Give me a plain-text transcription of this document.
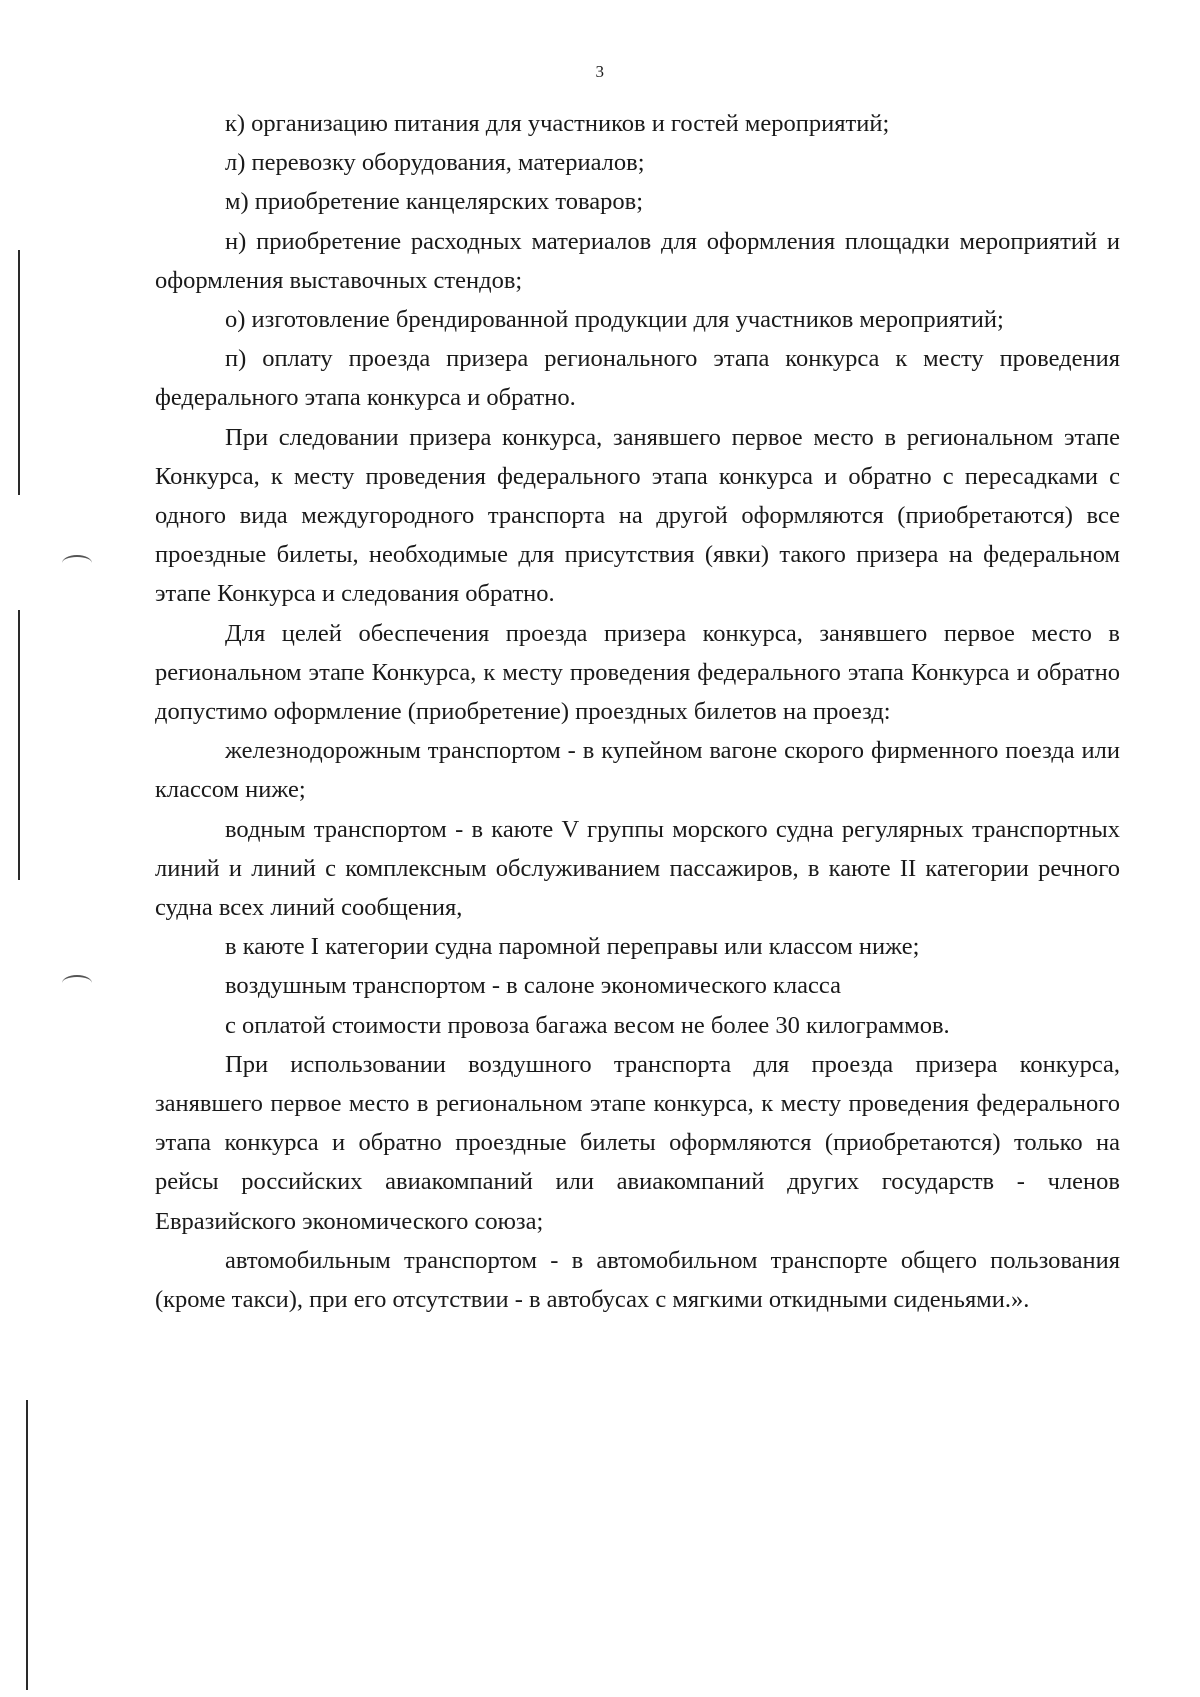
3

к) организацию питания для участников и гостей мероприятий;

л) перевозку оборудования, материалов;

м) приобретение канцелярских товаров;

н) приобретение расходных материалов для оформления площадки мероприятий и оформления выставочных стендов;

о) изготовление брендированной продукции для участников мероприятий;

п) оплату проезда призера регионального этапа конкурса к месту проведения федерального этапа конкурса и обратно.

При следовании призера конкурса, занявшего первое место в региональном этапе Конкурса, к месту проведения федерального этапа конкурса и обратно с пересадками с одного вида междугородного транспорта на другой оформляются (приобретаются) все проездные билеты, необходимые для присутствия (явки) такого призера на федеральном этапе Конкурса и следования обратно.

Для целей обеспечения проезда призера конкурса, занявшего первое место в региональном этапе Конкурса, к месту проведения федерального этапа Конкурса и обратно допустимо оформление (приобретение) проездных билетов на проезд:

железнодорожным транспортом - в купейном вагоне скорого фирменного поезда или классом ниже;

водным транспортом - в каюте V группы морского судна регулярных транспортных линий и линий с комплексным обслуживанием пассажиров, в каюте II категории речного судна всех линий сообщения,

в каюте I категории судна паромной переправы или классом ниже;

воздушным транспортом - в салоне экономического класса

с оплатой стоимости провоза багажа весом не более 30 килограммов.

При использовании воздушного транспорта для проезда призера конкурса, занявшего первое место в региональном этапе конкурса, к месту проведения федерального этапа конкурса и обратно проездные билеты оформляются (приобретаются) только на рейсы российских авиакомпаний или авиакомпаний других государств - членов Евразийского экономического союза;

автомобильным транспортом - в автомобильном транспорте общего пользования (кроме такси), при его отсутствии - в автобусах с мягкими откидными сиденьями.».
